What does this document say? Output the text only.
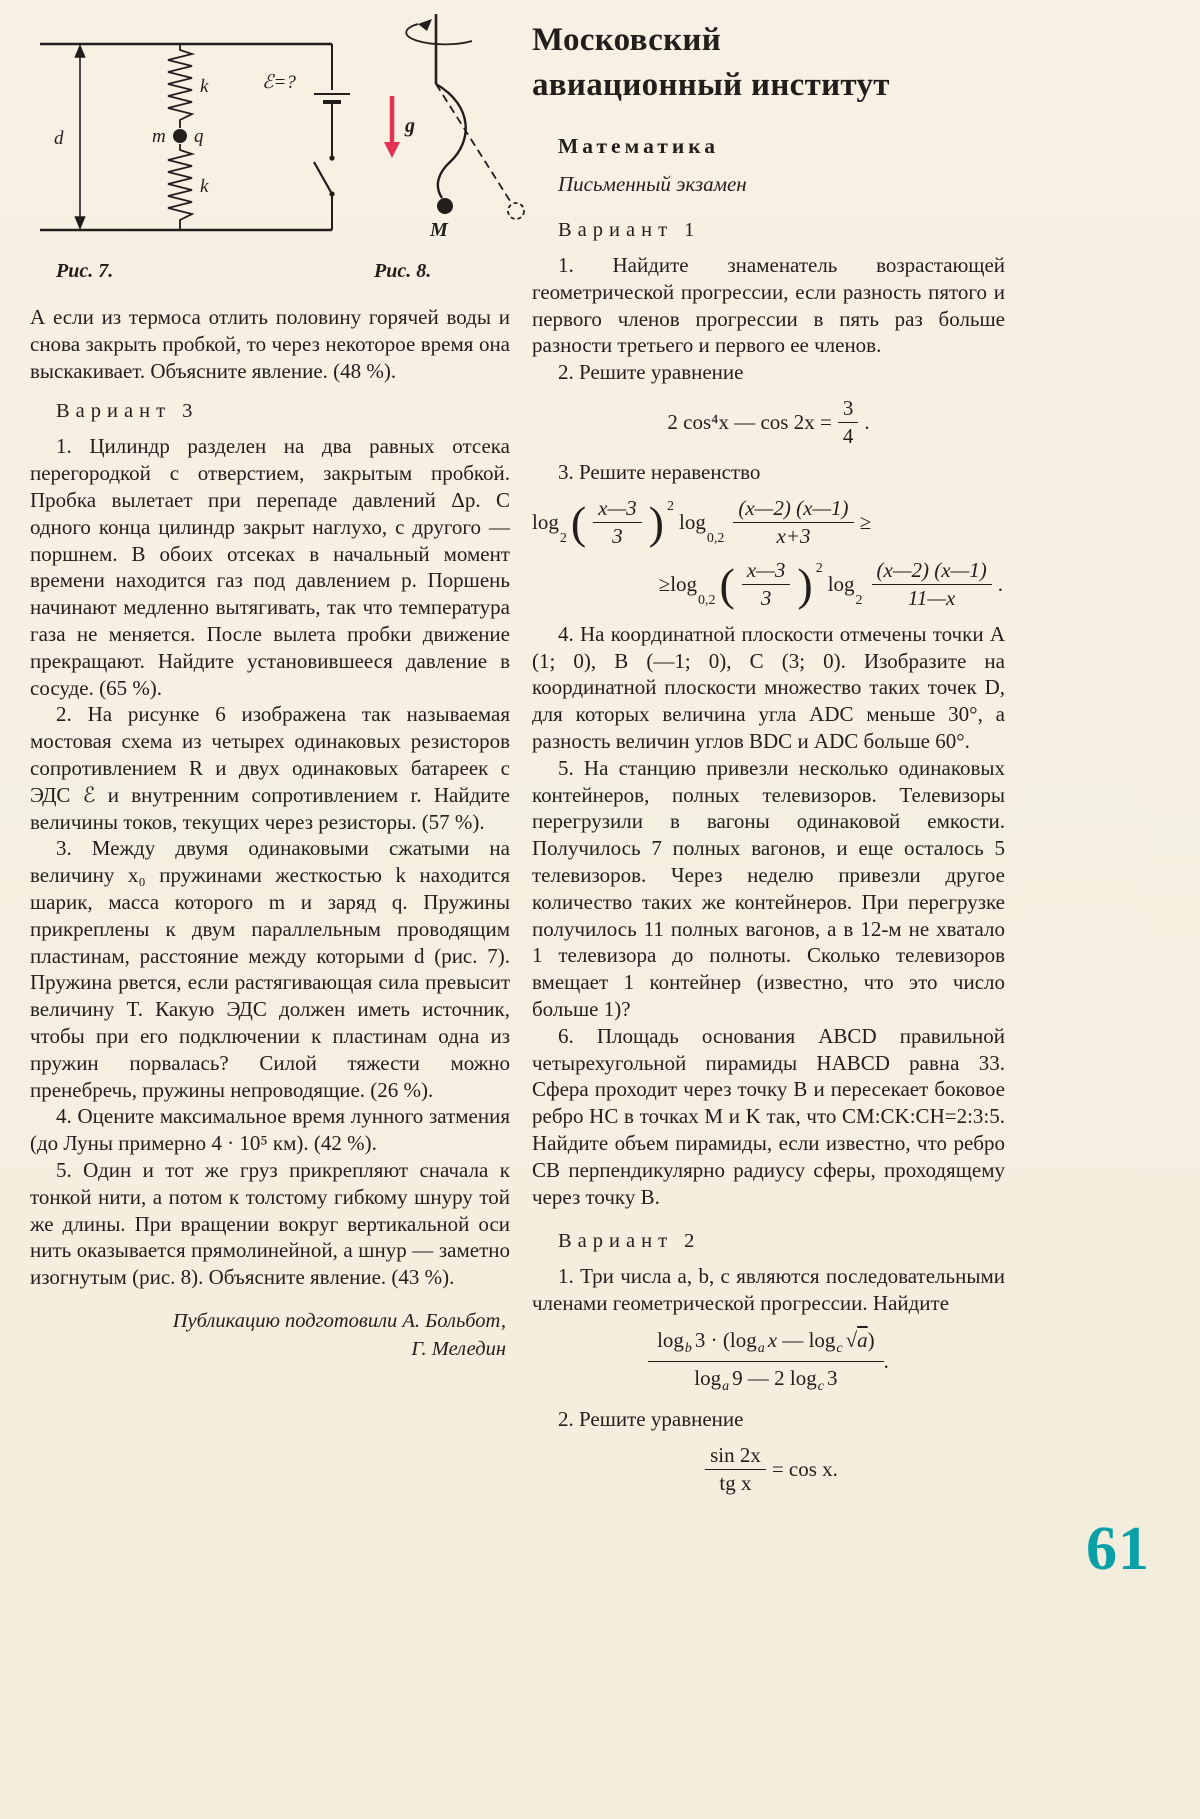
d
k
k
m q
ℰ=?
g
M
Рис. 7.	Рис. 8.

А если из термоса отлить половину горячей воды и снова закрыть пробкой, то через некоторое время она выскакивает. Объясните явление. (48 %).

Вариант 3

1. Цилиндр разделен на два равных отсека перегородкой с отверстием, закрытым пробкой. Пробка вылетает при перепаде давлений Δp. С одного конца цилиндр закрыт наглухо, с другого — поршнем. В обоих отсеках в начальный момент времени находится газ под давлением p. Поршень начинают медленно вытягивать, так что температура газа не меняется. После вылета пробки движение прекращают. Найдите установившееся давление в сосуде. (65 %).

2. На рисунке 6 изображена так называемая мостовая схема из четырех одинаковых резисторов сопротивлением R и двух одинаковых батареек с ЭДС ℰ и внутренним сопротивлением r. Найдите величины токов, текущих через резисторы. (57 %).

3. Между двумя одинаковыми сжатыми на величину x₀ пружинами жесткостью k находится шарик, масса которого m и заряд q. Пружины прикреплены к двум параллельным проводящим пластинам, расстояние между которыми d (рис. 7). Пружина рвется, если растягивающая сила превысит величину T. Какую ЭДС должен иметь источник, чтобы при его подключении к пластинам одна из пружин порвалась? Силой тяжести можно пренебречь, пружины непроводящие. (26 %).

4. Оцените максимальное время лунного затмения (до Луны примерно 4 · 10⁵ км). (42 %).

5. Один и тот же груз прикрепляют сначала к тонкой нити, а потом к толстому гибкому шнуру той же длины. При вращении вокруг вертикальной оси нить оказывается прямолинейной, а шнур — заметно изогнутым (рис. 8). Объясните явление. (43 %).

Публикацию подготовили А. Больбот,
Г. Меледин
Московский
авиационный институт
Математика
Письменный экзамен
Вариант 1

1. Найдите знаменатель возрастающей геометрической прогрессии, если разность пятого и первого членов прогрессии в пять раз больше разности третьего и первого ее членов.

2. Решите уравнение

2 cos⁴x — $\cos 2x = \frac{3}{4}$ .

3. Решите неравенство

log
2 ( $\frac{x—3}{3}$ ) 2
log
$0,2 \frac{(x—2) (x—1)}{x+3}$ ≥
≥ log
0,2 ( $\frac{x—3}{3}$ ) 2
log
$2 \frac{(x—2) (x—1)}{11—x}$ .

4. На координатной плоскости отмечены точки A (1; 0), B (—1; 0), C (3; 0). Изобразите на координатной плоскости множество таких точек D, для которых величина угла ADC меньше 30°, а разность величин углов BDC и ADC больше 60°.

5. На станцию привезли несколько одинаковых контейнеров, полных телевизоров. Телевизоры перегрузили в вагоны одинаковой емкости. Получилось 7 полных вагонов, и еще осталось 5 телевизоров. Через неделю привезли другое количество таких же контейнеров. При перегрузке получилось 11 полных вагонов, а в 12-м не хватало 1 телевизора до полноты. Сколько телевизоров вмещает 1 контейнер (известно, что это число больше 1)?

6. Площадь основания ABCD правильной четырехугольной пирамиды HABCD равна 33. Сфера проходит через точку B и пересекает боковое ребро HC в точках M и K так, что CM:CK:CH=2:3:5. Найдите объем пирамиды, если известно, что ребро CB перпендикулярно радиусу сферы, проходящему через точку B.

Вариант 2

1. Три числа a, b, c являются последовательными членами геометрической прогрессии. Найдите

$\frac{\log_b 3 \cdot (\log_a x — \log_c √a)}{\log_a 9 — 2 \log_c 3}$ .

2. Решите уравнение

$\frac{\sin 2x}{\text{tg x}} = \cos x$.
61
